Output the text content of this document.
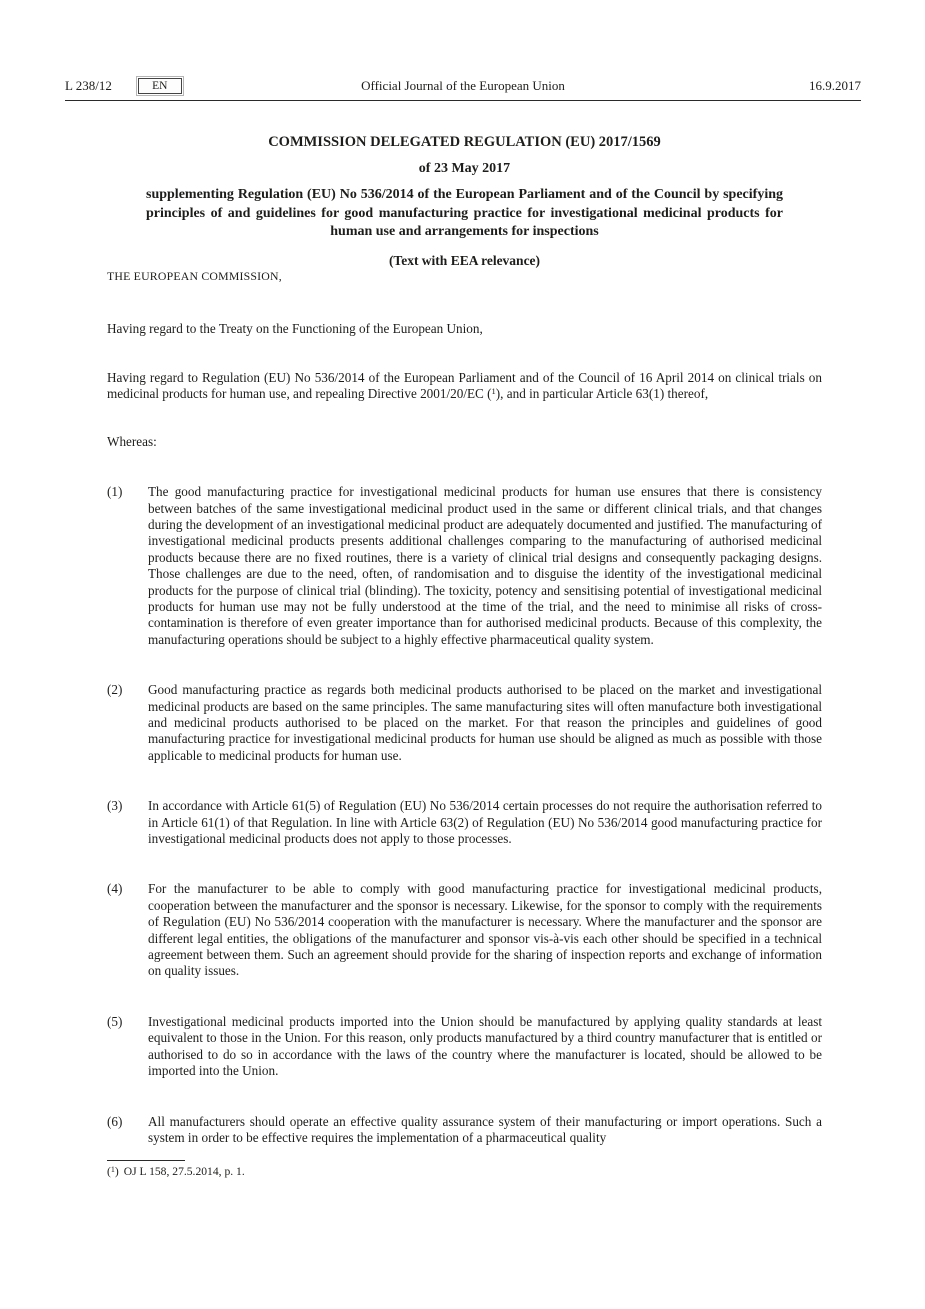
L 238/12	EN	Official Journal of the European Union	16.9.2017
COMMISSION DELEGATED REGULATION (EU) 2017/1569
of 23 May 2017
supplementing Regulation (EU) No 536/2014 of the European Parliament and of the Council by specifying principles of and guidelines for good manufacturing practice for investigational medicinal products for human use and arrangements for inspections
(Text with EEA relevance)

THE EUROPEAN COMMISSION,

Having regard to the Treaty on the Functioning of the European Union,

Having regard to Regulation (EU) No 536/2014 of the European Parliament and of the Council of 16 April 2014 on clinical trials on medicinal products for human use, and repealing Directive 2001/20/EC ($^1$), and in particular Article 63(1) thereof,

Whereas:

(1)	The good manufacturing practice for investigational medicinal products for human use ensures that there is consistency between batches of the same investigational medicinal product used in the same or different clinical trials, and that changes during the development of an investigational medicinal product are adequately documented and justified. The manufacturing of investigational medicinal products presents additional challenges comparing to the manufacturing of authorised medicinal products because there are no fixed routines, there is a variety of clinical trial designs and consequently packaging designs. Those challenges are due to the need, often, of randomisation and to disguise the identity of the investigational medicinal products for the purpose of clinical trial (blinding). The toxicity, potency and sensitising potential of investigational medicinal products for human use may not be fully understood at the time of the trial, and the need to minimise all risks of cross-contamination is therefore of even greater importance than for authorised medicinal products. Because of this complexity, the manufacturing operations should be subject to a highly effective pharmaceutical quality system.

(2)	Good manufacturing practice as regards both medicinal products authorised to be placed on the market and investigational medicinal products are based on the same principles. The same manufacturing sites will often manufacture both investigational and medicinal products authorised to be placed on the market. For that reason the principles and guidelines of good manufacturing practice for investigational medicinal products for human use should be aligned as much as possible with those applicable to medicinal products for human use.

(3)	In accordance with Article 61(5) of Regulation (EU) No 536/2014 certain processes do not require the authorisation referred to in Article 61(1) of that Regulation. In line with Article 63(2) of Regulation (EU) No 536/2014 good manufacturing practice for investigational medicinal products does not apply to those processes.

(4)	For the manufacturer to be able to comply with good manufacturing practice for investigational medicinal products, cooperation between the manufacturer and the sponsor is necessary. Likewise, for the sponsor to comply with the requirements of Regulation (EU) No 536/2014 cooperation with the manufacturer is necessary. Where the manufacturer and the sponsor are different legal entities, the obligations of the manufacturer and sponsor vis-à-vis each other should be specified in a technical agreement between them. Such an agreement should provide for the sharing of inspection reports and exchange of information on quality issues.

(5)	Investigational medicinal products imported into the Union should be manufactured by applying quality standards at least equivalent to those in the Union. For this reason, only products manufactured by a third country manufacturer that is entitled or authorised to do so in accordance with the laws of the country where the manufacturer is located, should be allowed to be imported into the Union.

(6)	All manufacturers should operate an effective quality assurance system of their manufacturing or import operations. Such a system in order to be effective requires the implementation of a pharmaceutical quality

($^1$) OJ L 158, 27.5.2014, p. 1.
